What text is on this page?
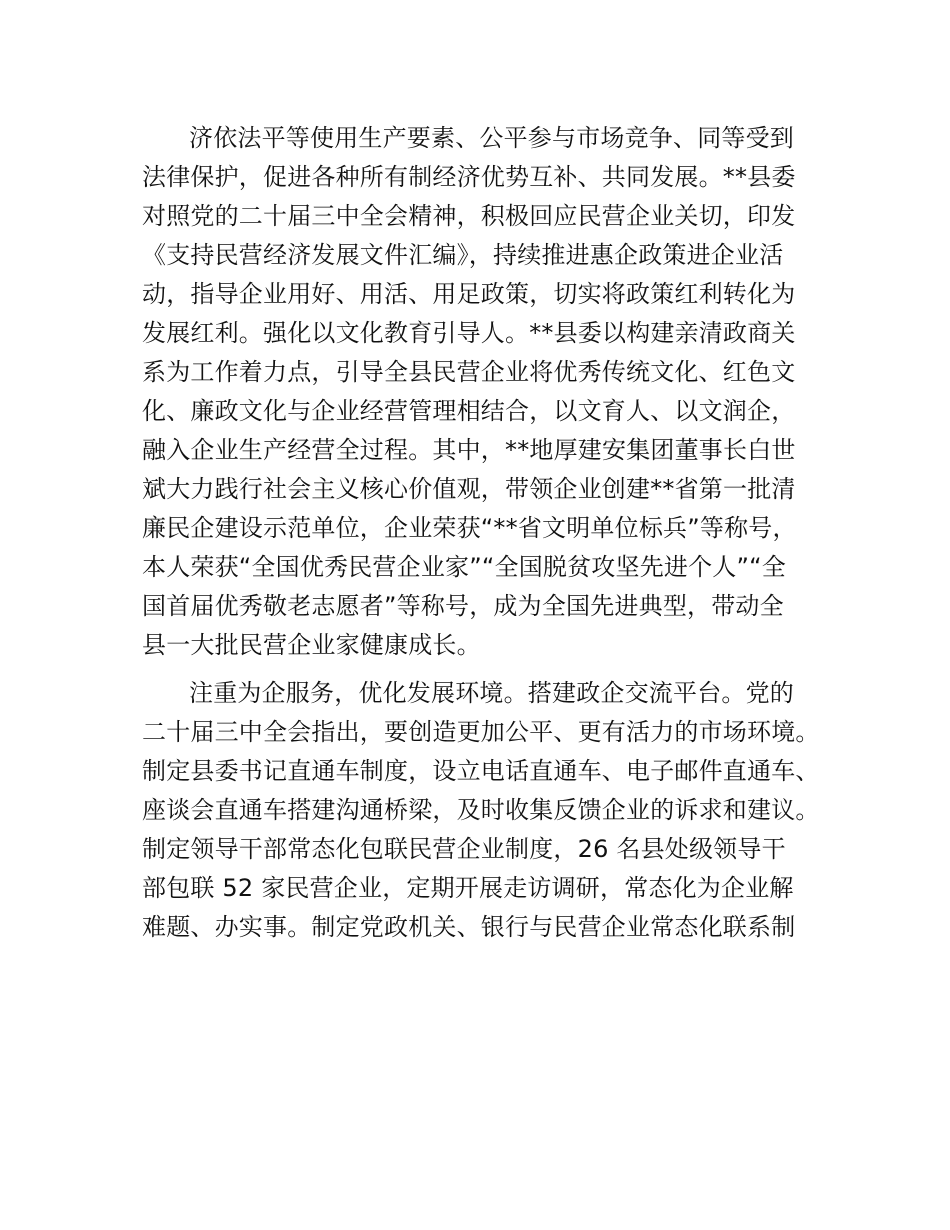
济依法平等使用生产要素、公平参与市场竞争、同等受到
法律保护，促进各种所有制经济优势互补、共同发展。**县委
对照党的二十届三中全会精神，积极回应民营企业关切，印发
《支持民营经济发展文件汇编》，持续推进惠企政策进企业活
动，指导企业用好、用活、用足政策，切实将政策红利转化为
发展红利。强化以文化教育引导人。**县委以构建亲清政商关
系为工作着力点，引导全县民营企业将优秀传统文化、红色文
化、廉政文化与企业经营管理相结合，以文育人、以文润企，
融入企业生产经营全过程。其中，**地厚建安集团董事长白世
斌大力践行社会主义核心价值观，带领企业创建**省第一批清
廉民企建设示范单位，企业荣获“**省文明单位标兵”等称号，
本人荣获“全国优秀民营企业家”“全国脱贫攻坚先进个人”“全
国首届优秀敬老志愿者”等称号，成为全国先进典型，带动全
县一大批民营企业家健康成长。
注重为企服务，优化发展环境。搭建政企交流平台。党的
二十届三中全会指出，要创造更加公平、更有活力的市场环境。
制定县委书记直通车制度，设立电话直通车、电子邮件直通车、
座谈会直通车搭建沟通桥梁，及时收集反馈企业的诉求和建议。
制定领导干部常态化包联民营企业制度，26 名县处级领导干
部包联 52 家民营企业，定期开展走访调研，常态化为企业解
难题、办实事。制定党政机关、银行与民营企业常态化联系制
